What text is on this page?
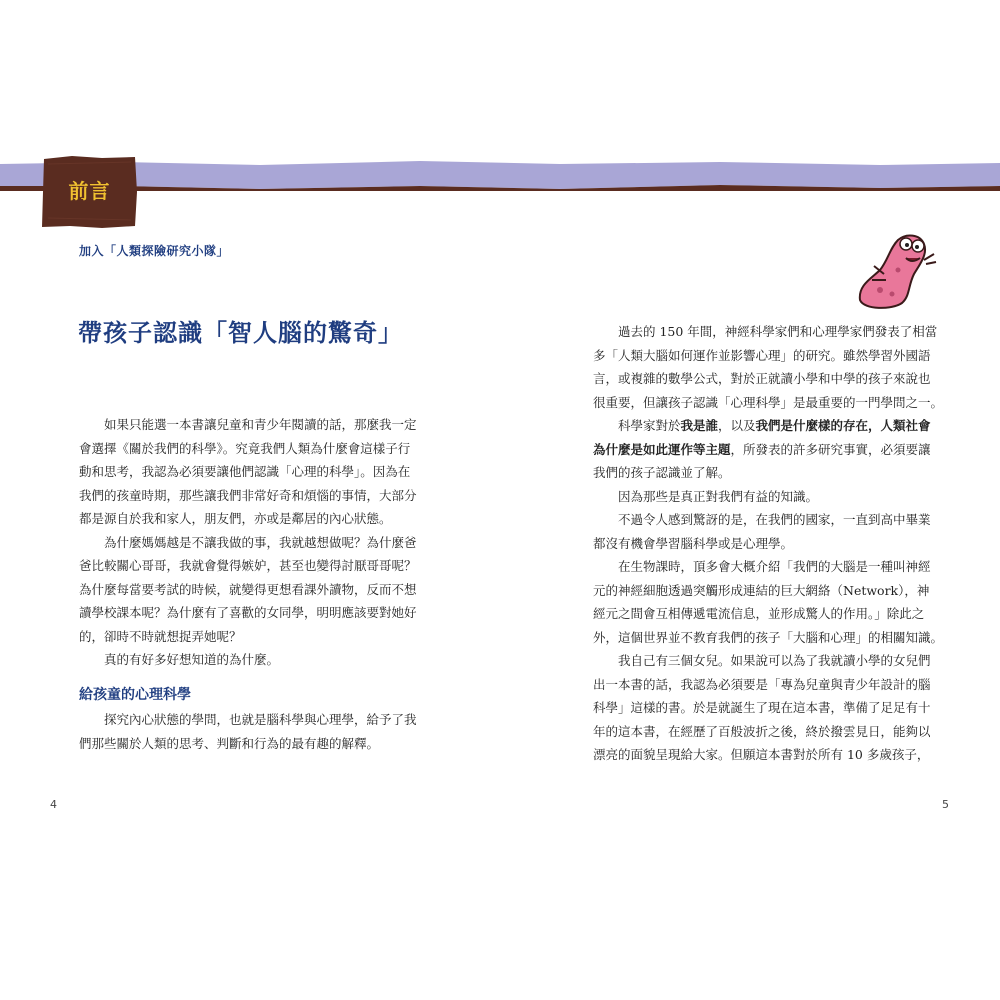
前言
加入「人類探險研究小隊」
帶孩子認識「智人腦的驚奇」

如果只能選一本書讓兒童和青少年閱讀的話，那麼我一定

會選擇《關於我們的科學》。究竟我們人類為什麼會這樣子行

動和思考，我認為必須要讓他們認識「心理的科學」。因為在

我們的孩童時期，那些讓我們非常好奇和煩惱的事情，大部分

都是源自於我和家人，朋友們，亦或是鄰居的內心狀態。

為什麼媽媽越是不讓我做的事，我就越想做呢？為什麼爸

爸比較關心哥哥，我就會覺得嫉妒，甚至也變得討厭哥哥呢？

為什麼每當要考試的時候，就變得更想看課外讀物，反而不想

讀學校課本呢？為什麼有了喜歡的女同學，明明應該要對她好

的，卻時不時就想捉弄她呢？

真的有好多好想知道的為什麼。

給孩童的心理科學

探究內心狀態的學問，也就是腦科學與心理學，給予了我

們那些關於人類的思考、判斷和行為的最有趣的解釋。

過去的 150 年間，神經科學家們和心理學家們發表了相當

多「人類大腦如何運作並影響心理」的研究。雖然學習外國語

言，或複雜的數學公式，對於正就讀小學和中學的孩子來說也

很重要，但讓孩子認識「心理科學」是最重要的一門學問之一。

科學家對於我是誰，以及我們是什麼樣的存在，人類社會

為什麼是如此運作等主題，所發表的許多研究事實，必須要讓

我們的孩子認識並了解。

因為那些是真正對我們有益的知識。

不過令人感到驚訝的是，在我們的國家，一直到高中畢業

都沒有機會學習腦科學或是心理學。

在生物課時，頂多會大概介紹「我們的大腦是一種叫神經

元的神經細胞透過突觸形成連結的巨大網絡（Network），神

經元之間會互相傳遞電流信息，並形成驚人的作用。」除此之

外，這個世界並不教育我們的孩子「大腦和心理」的相關知識。

我自己有三個女兒。如果說可以為了我就讀小學的女兒們

出一本書的話，我認為必須要是「專為兒童與青少年設計的腦

科學」這樣的書。於是就誕生了現在這本書，準備了足足有十

年的這本書，在經歷了百般波折之後，終於撥雲見日，能夠以

漂亮的面貌呈現給大家。但願這本書對於所有 10 多歲孩子，

4	5
